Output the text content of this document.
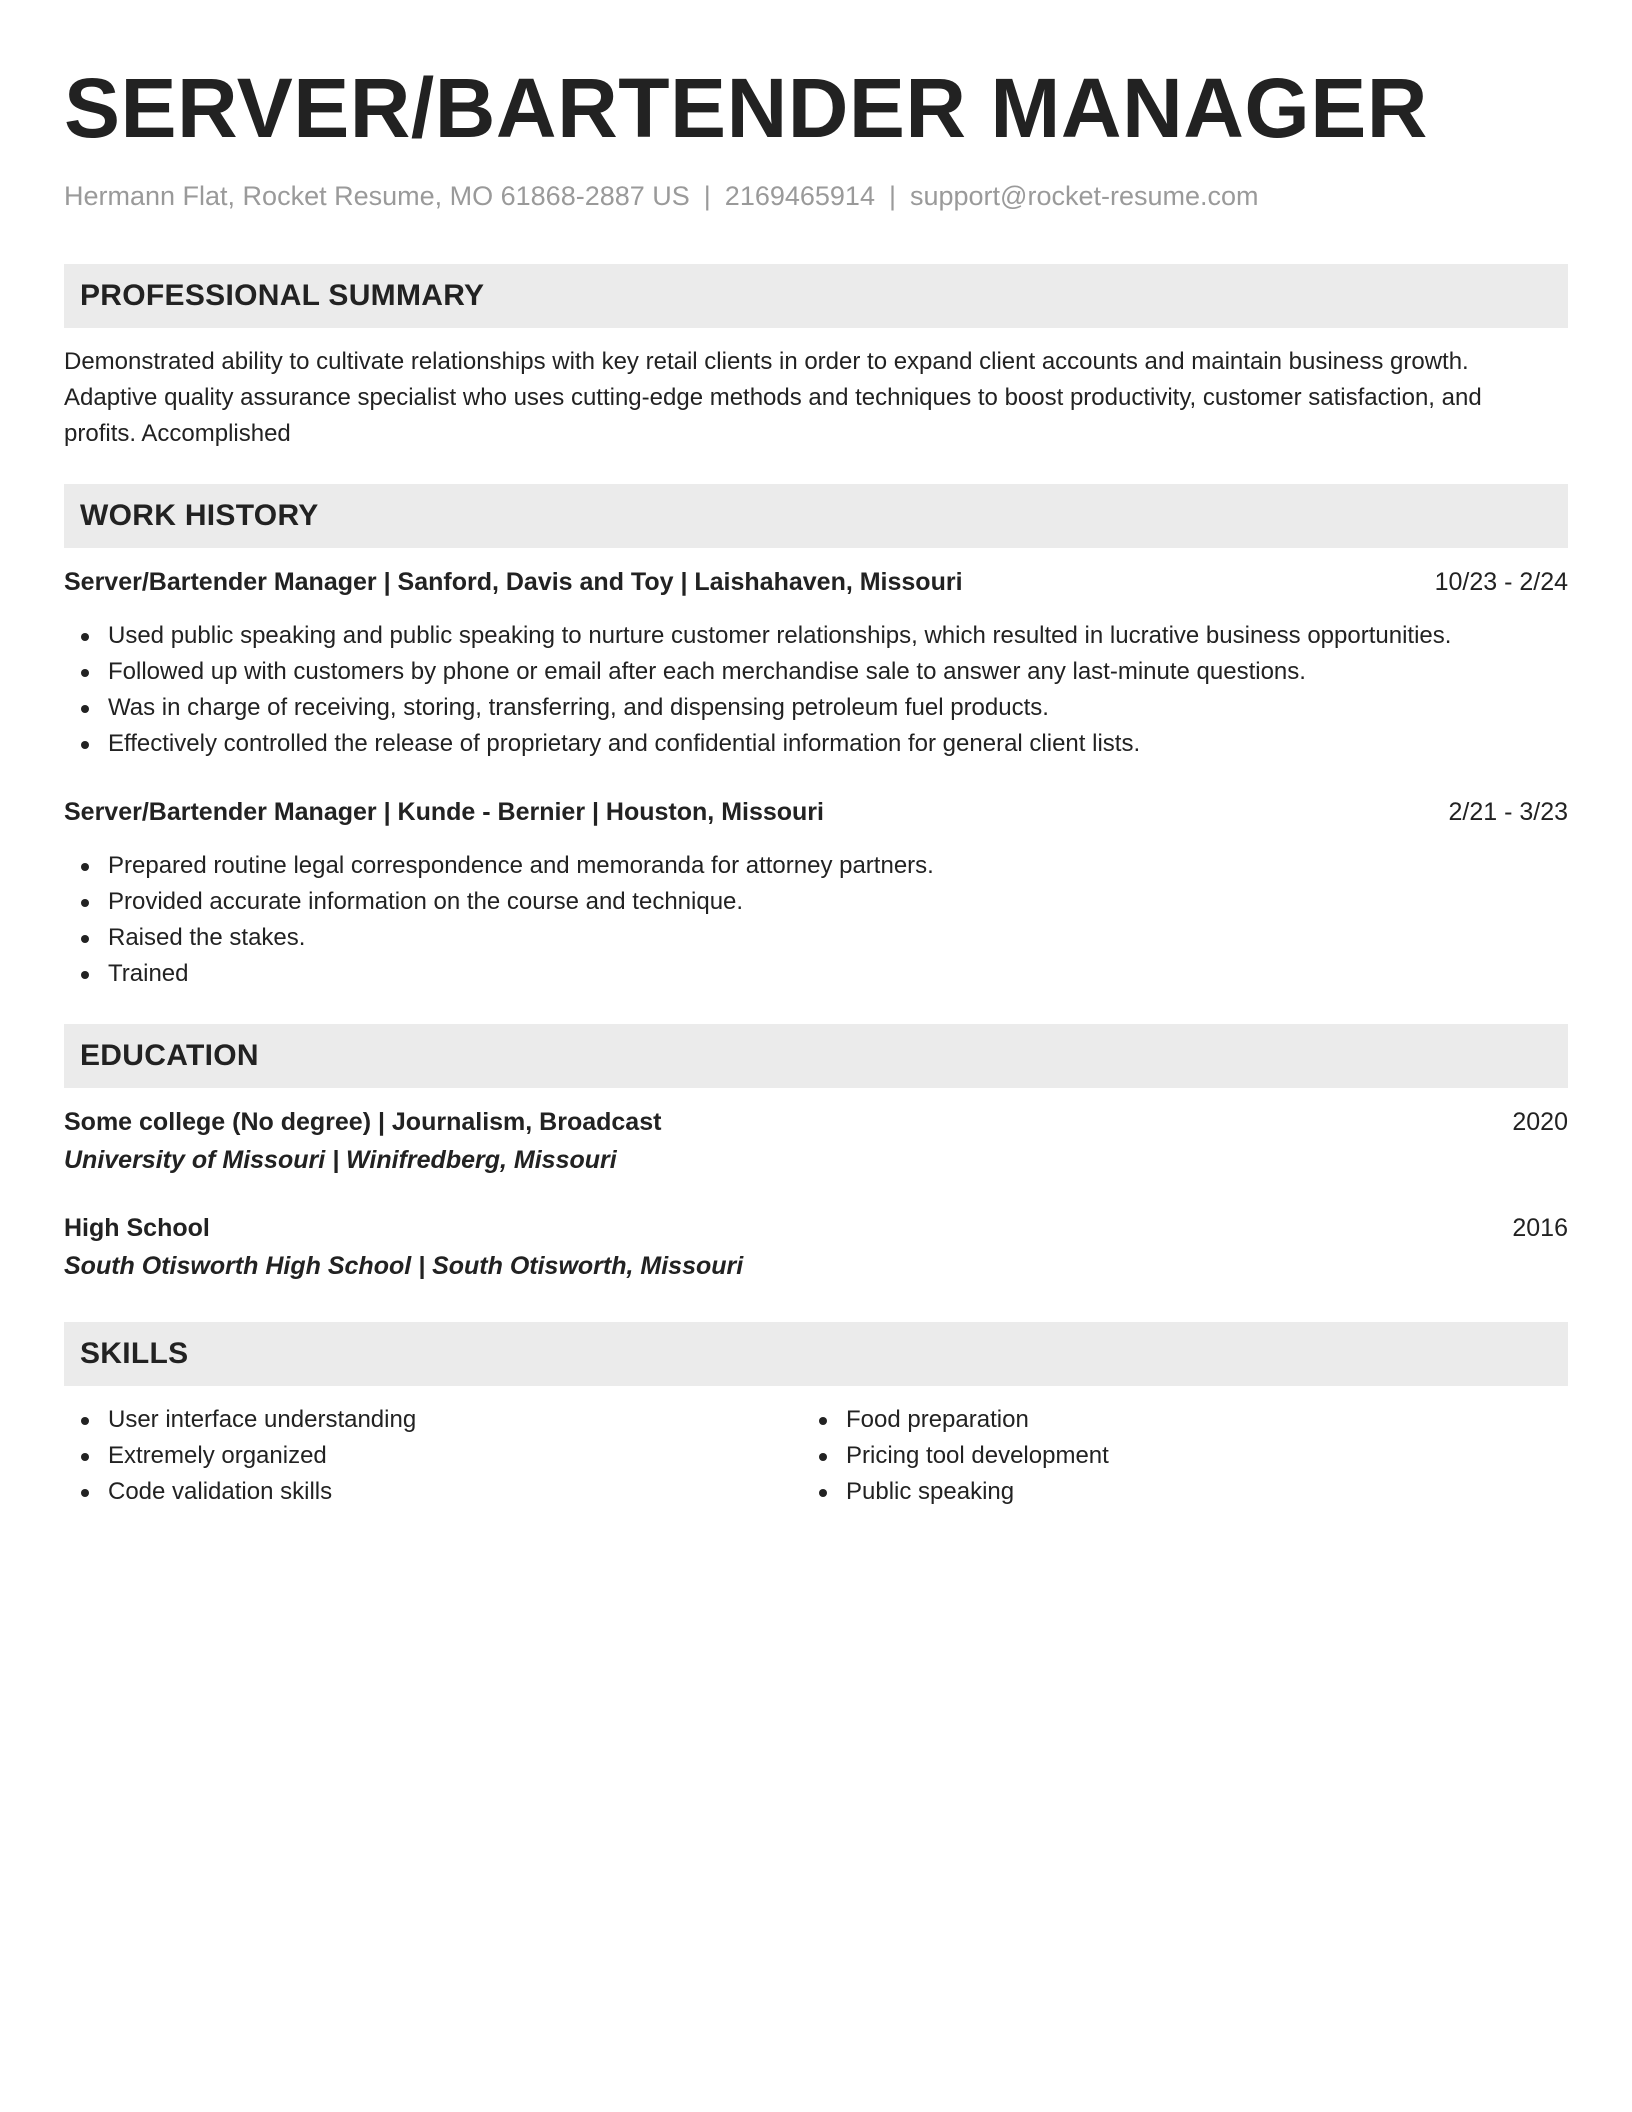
SERVER/BARTENDER MANAGER
Hermann Flat, Rocket Resume, MO 61868-2887 US | 2169465914 | support@rocket-resume.com
PROFESSIONAL SUMMARY
Demonstrated ability to cultivate relationships with key retail clients in order to expand client accounts and maintain business growth.
Adaptive quality assurance specialist who uses cutting-edge methods and techniques to boost productivity, customer satisfaction, and
profits. Accomplished
WORK HISTORY
Server/Bartender Manager | Sanford, Davis and Toy | Laishahaven, Missouri	10/23 - 2/24
Used public speaking and public speaking to nurture customer relationships, which resulted in lucrative business opportunities.
Followed up with customers by phone or email after each merchandise sale to answer any last-minute questions.
Was in charge of receiving, storing, transferring, and dispensing petroleum fuel products.
Effectively controlled the release of proprietary and confidential information for general client lists.
Server/Bartender Manager | Kunde - Bernier | Houston, Missouri	2/21 - 3/23
Prepared routine legal correspondence and memoranda for attorney partners.
Provided accurate information on the course and technique.
Raised the stakes.
Trained
EDUCATION
Some college (No degree) | Journalism, Broadcast	2020
University of Missouri | Winifredberg, Missouri
High School	2016
South Otisworth High School | South Otisworth, Missouri
SKILLS
User interface understanding
Extremely organized
Code validation skills
Food preparation
Pricing tool development
Public speaking
